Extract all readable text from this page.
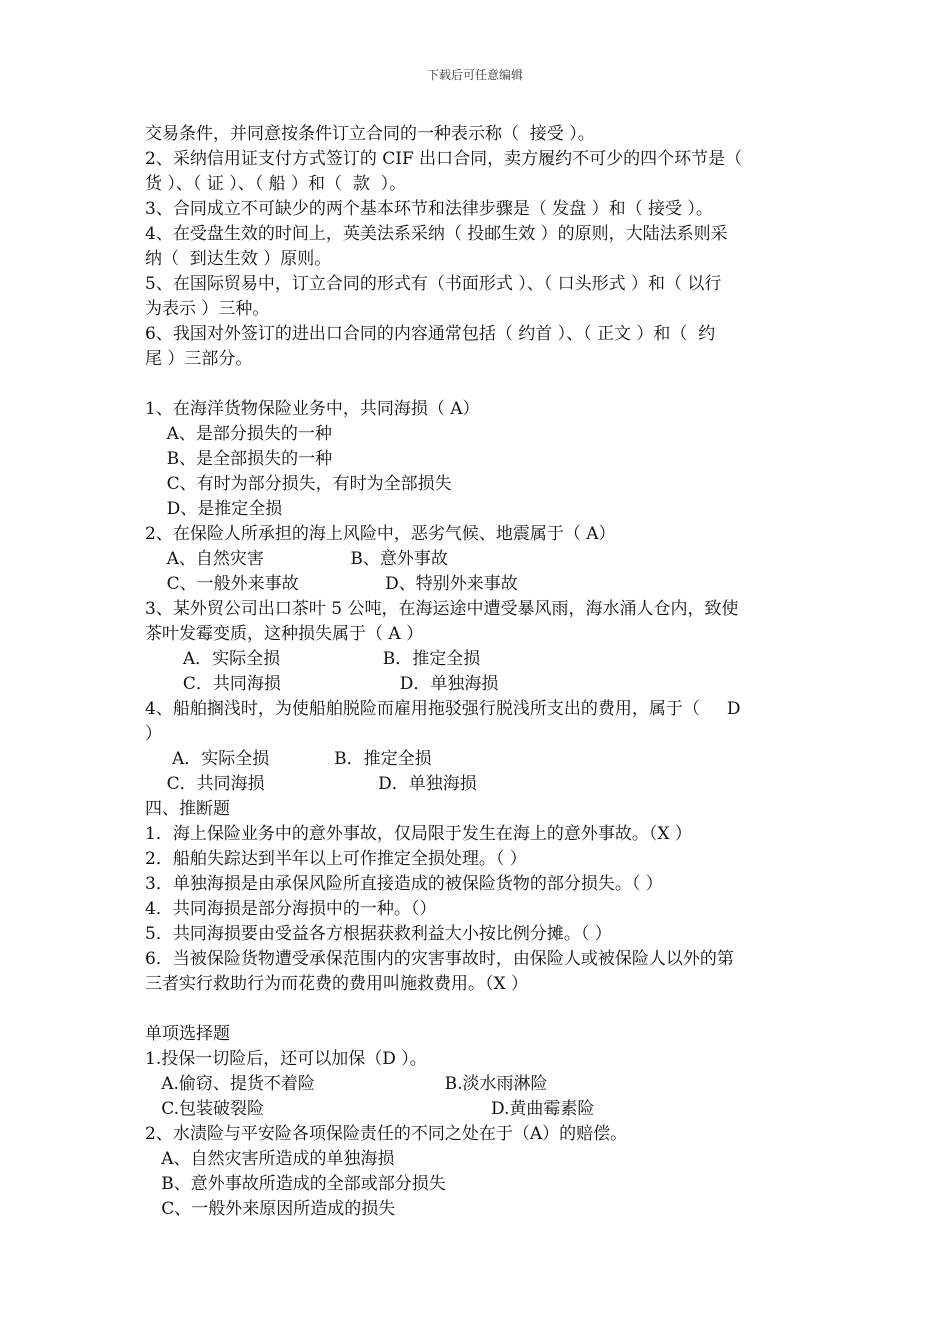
下载后可任意编辑
交易条件，并同意按条件订立合同的一种表示称（  接受 ）。
2、采纳信用证支付方式签订的 CIF 出口合同，卖方履约不可少的四个环节是（
货 ）、（ 证 ）、（ 船 ）和（  款  ）。
3、合同成立不可缺少的两个基本环节和法律步骤是（ 发盘 ）和（ 接受 ）。
4、在受盘生效的时间上，英美法系采纳（ 投邮生效 ）的原则，大陆法系则采
纳（  到达生效 ）原则。
5、在国际贸易中，订立合同的形式有（书面形式 ）、（ 口头形式 ）和（ 以行
为表示 ）三种。
6、我国对外签订的进出口合同的内容通常包括（ 约首 ）、（ 正文 ）和（  约
尾 ）三部分。
1、在海洋货物保险业务中，共同海损（ A）
A、是部分损失的一种
B、是全部损失的一种
C、有时为部分损失，有时为全部损失
D、是推定全损
2、在保险人所承担的海上风险中，恶劣气候、地震属于（ A）
A、自然灾害                B、意外事故
C、一般外来事故                D、特别外来事故
3、某外贸公司出口茶叶 5 公吨，在海运途中遭受暴风雨，海水涌人仓内，致使
茶叶发霉变质，这种损失属于（ A ）
A．实际全损                   B．推定全损
C．共同海损                      D．单独海损
4、船舶搁浅时，为使船舶脱险而雇用拖驳强行脱浅所支出的费用，属于（     D
）
A．实际全损            B．推定全损
C．共同海损                     D．单独海损
四、推断题
1．海上保险业务中的意外事故，仅局限于发生在海上的意外事故。（X ）
2．船舶失踪达到半年以上可作推定全损处理。（ ）
3．单独海损是由承保风险所直接造成的被保险货物的部分损失。（ ）
4．共同海损是部分海损中的一种。（）
5．共同海损要由受益各方根据获救利益大小按比例分摊。（ ）
6．当被保险货物遭受承保范围内的灾害事故时，由保险人或被保险人以外的第
三者实行救助行为而花费的费用叫施救费用。（X ）
单项选择题
1.投保一切险后，还可以加保（D ）。
A.偷窃、提货不着险                        B.淡水雨淋险
C.包装破裂险                                          D.黄曲霉素险
2、水渍险与平安险各项保险责任的不同之处在于（A）的赔偿。
A、自然灾害所造成的单独海损
B、意外事故所造成的全部或部分损失
C、一般外来原因所造成的损失
